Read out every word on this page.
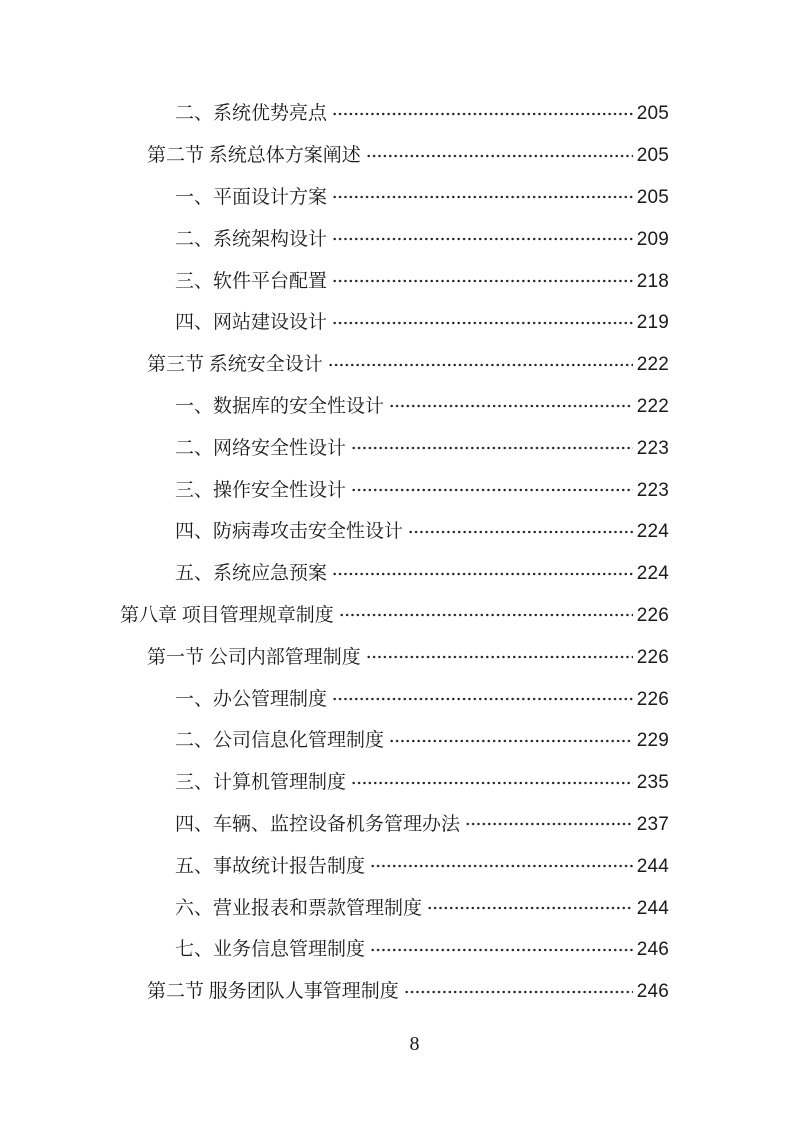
二、系统优势亮点	205
第二节 系统总体方案阐述	205
一、平面设计方案	205
二、系统架构设计	209
三、软件平台配置	218
四、网站建设设计	219
第三节 系统安全设计	222
一、数据库的安全性设计	222
二、网络安全性设计	223
三、操作安全性设计	223
四、防病毒攻击安全性设计	224
五、系统应急预案	224
第八章 项目管理规章制度	226
第一节 公司内部管理制度	226
一、办公管理制度	226
二、公司信息化管理制度	229
三、计算机管理制度	235
四、车辆、监控设备机务管理办法	237
五、事故统计报告制度	244
六、营业报表和票款管理制度	244
七、业务信息管理制度	246
第二节 服务团队人事管理制度	246
8
